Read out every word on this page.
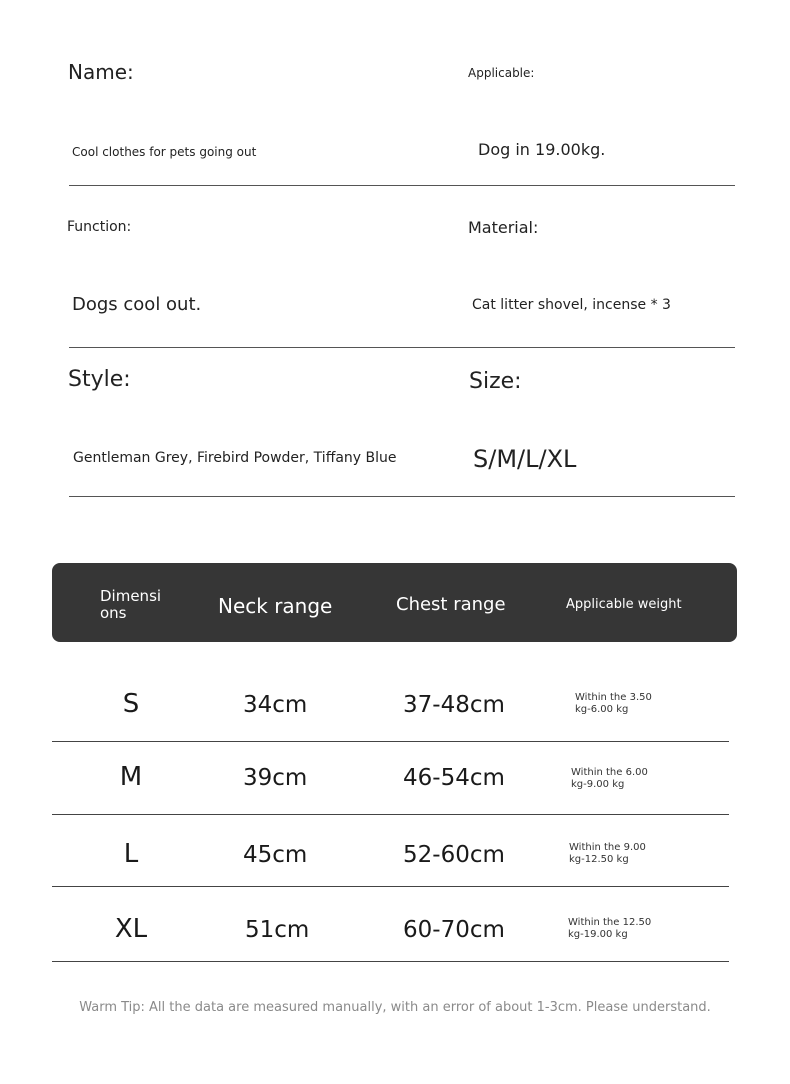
Name:	Applicable:
Cool clothes for pets going out	Dog in 19.00kg.
Function:	Material:
Dogs cool out.	Cat litter shovel, incense * 3
Style:	Size:
Gentleman Grey, Firebird Powder, Tiffany Blue	S/M/L/XL
Dimensi ons	Neck range	Chest range	Applicable weight
S	34cm	37-48cm	Within the 3.50 kg-6.00 kg
M	39cm	46-54cm	Within the 6.00 kg-9.00 kg
L	45cm	52-60cm	Within the 9.00 kg-12.50 kg
XL	51cm	60-70cm	Within the 12.50 kg-19.00 kg
Warm Tip: All the data are measured manually, with an error of about 1-3cm. Please understand.
